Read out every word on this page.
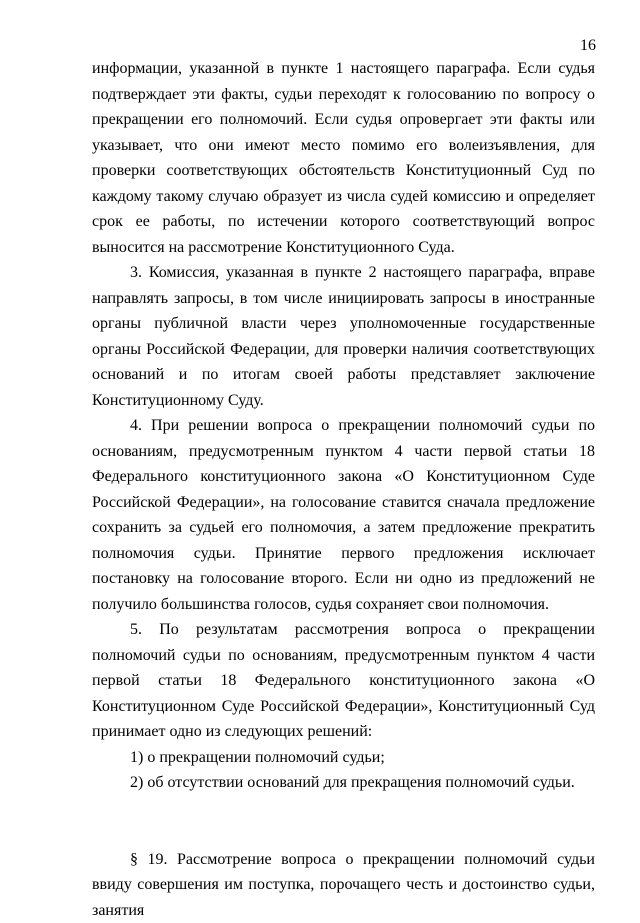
16

информации, указанной в пункте 1 настоящего параграфа. Если судья подтверждает эти факты, судьи переходят к голосованию по вопросу о прекращении его полномочий. Если судья опровергает эти факты или указывает, что они имеют место помимо его волеизъявления, для проверки соответствующих обстоятельств Конституционный Суд по каждому такому случаю образует из числа судей комиссию и определяет срок ее работы, по истечении которого соответствующий вопрос выносится на рассмотрение Конституционного Суда.

3. Комиссия, указанная в пункте 2 настоящего параграфа, вправе направлять запросы, в том числе инициировать запросы в иностранные органы публичной власти через уполномоченные государственные органы Российской Федерации, для проверки наличия соответствующих оснований и по итогам своей работы представляет заключение Конституционному Суду.

4. При решении вопроса о прекращении полномочий судьи по основаниям, предусмотренным пунктом 4 части первой статьи 18 Федерального конституционного закона «О Конституционном Суде Российской Федерации», на голосование ставится сначала предложение сохранить за судьей его полномочия, а затем предложение прекратить полномочия судьи. Принятие первого предложения исключает постановку на голосование второго. Если ни одно из предложений не получило большинства голосов, судья сохраняет свои полномочия.

5. По результатам рассмотрения вопроса о прекращении полномочий судьи по основаниям, предусмотренным пунктом 4 части первой статьи 18 Федерального конституционного закона «О Конституционном Суде Российской Федерации», Конституционный Суд принимает одно из следующих решений:

1) о прекращении полномочий судьи;

2) об отсутствии оснований для прекращения полномочий судьи.

§ 19. Рассмотрение вопроса о прекращении полномочий судьи ввиду совершения им поступка, порочащего честь и достоинство судьи, занятия
